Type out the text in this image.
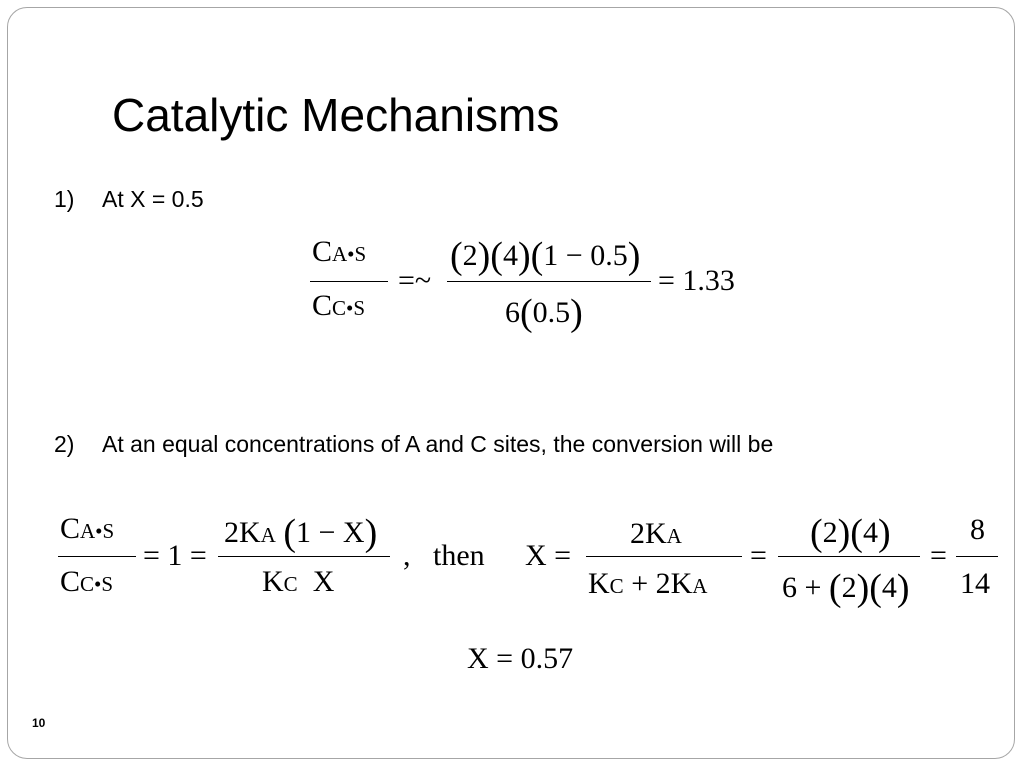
Catalytic Mechanisms
1) At X = 0.5
CA•S
CC•S
=~
(2)(4)(1 − 0.5)
6(0.5)
= 1.33
2) At an equal concentrations of A and C sites, the conversion will be
CA•S
CC•S
= 1 =
2KA (1 − X)
KC X
, then X =
2KA
KC + 2KA
=
(2)(4)
6 + (2)(4)
=
8
14
X = 0.57
10
